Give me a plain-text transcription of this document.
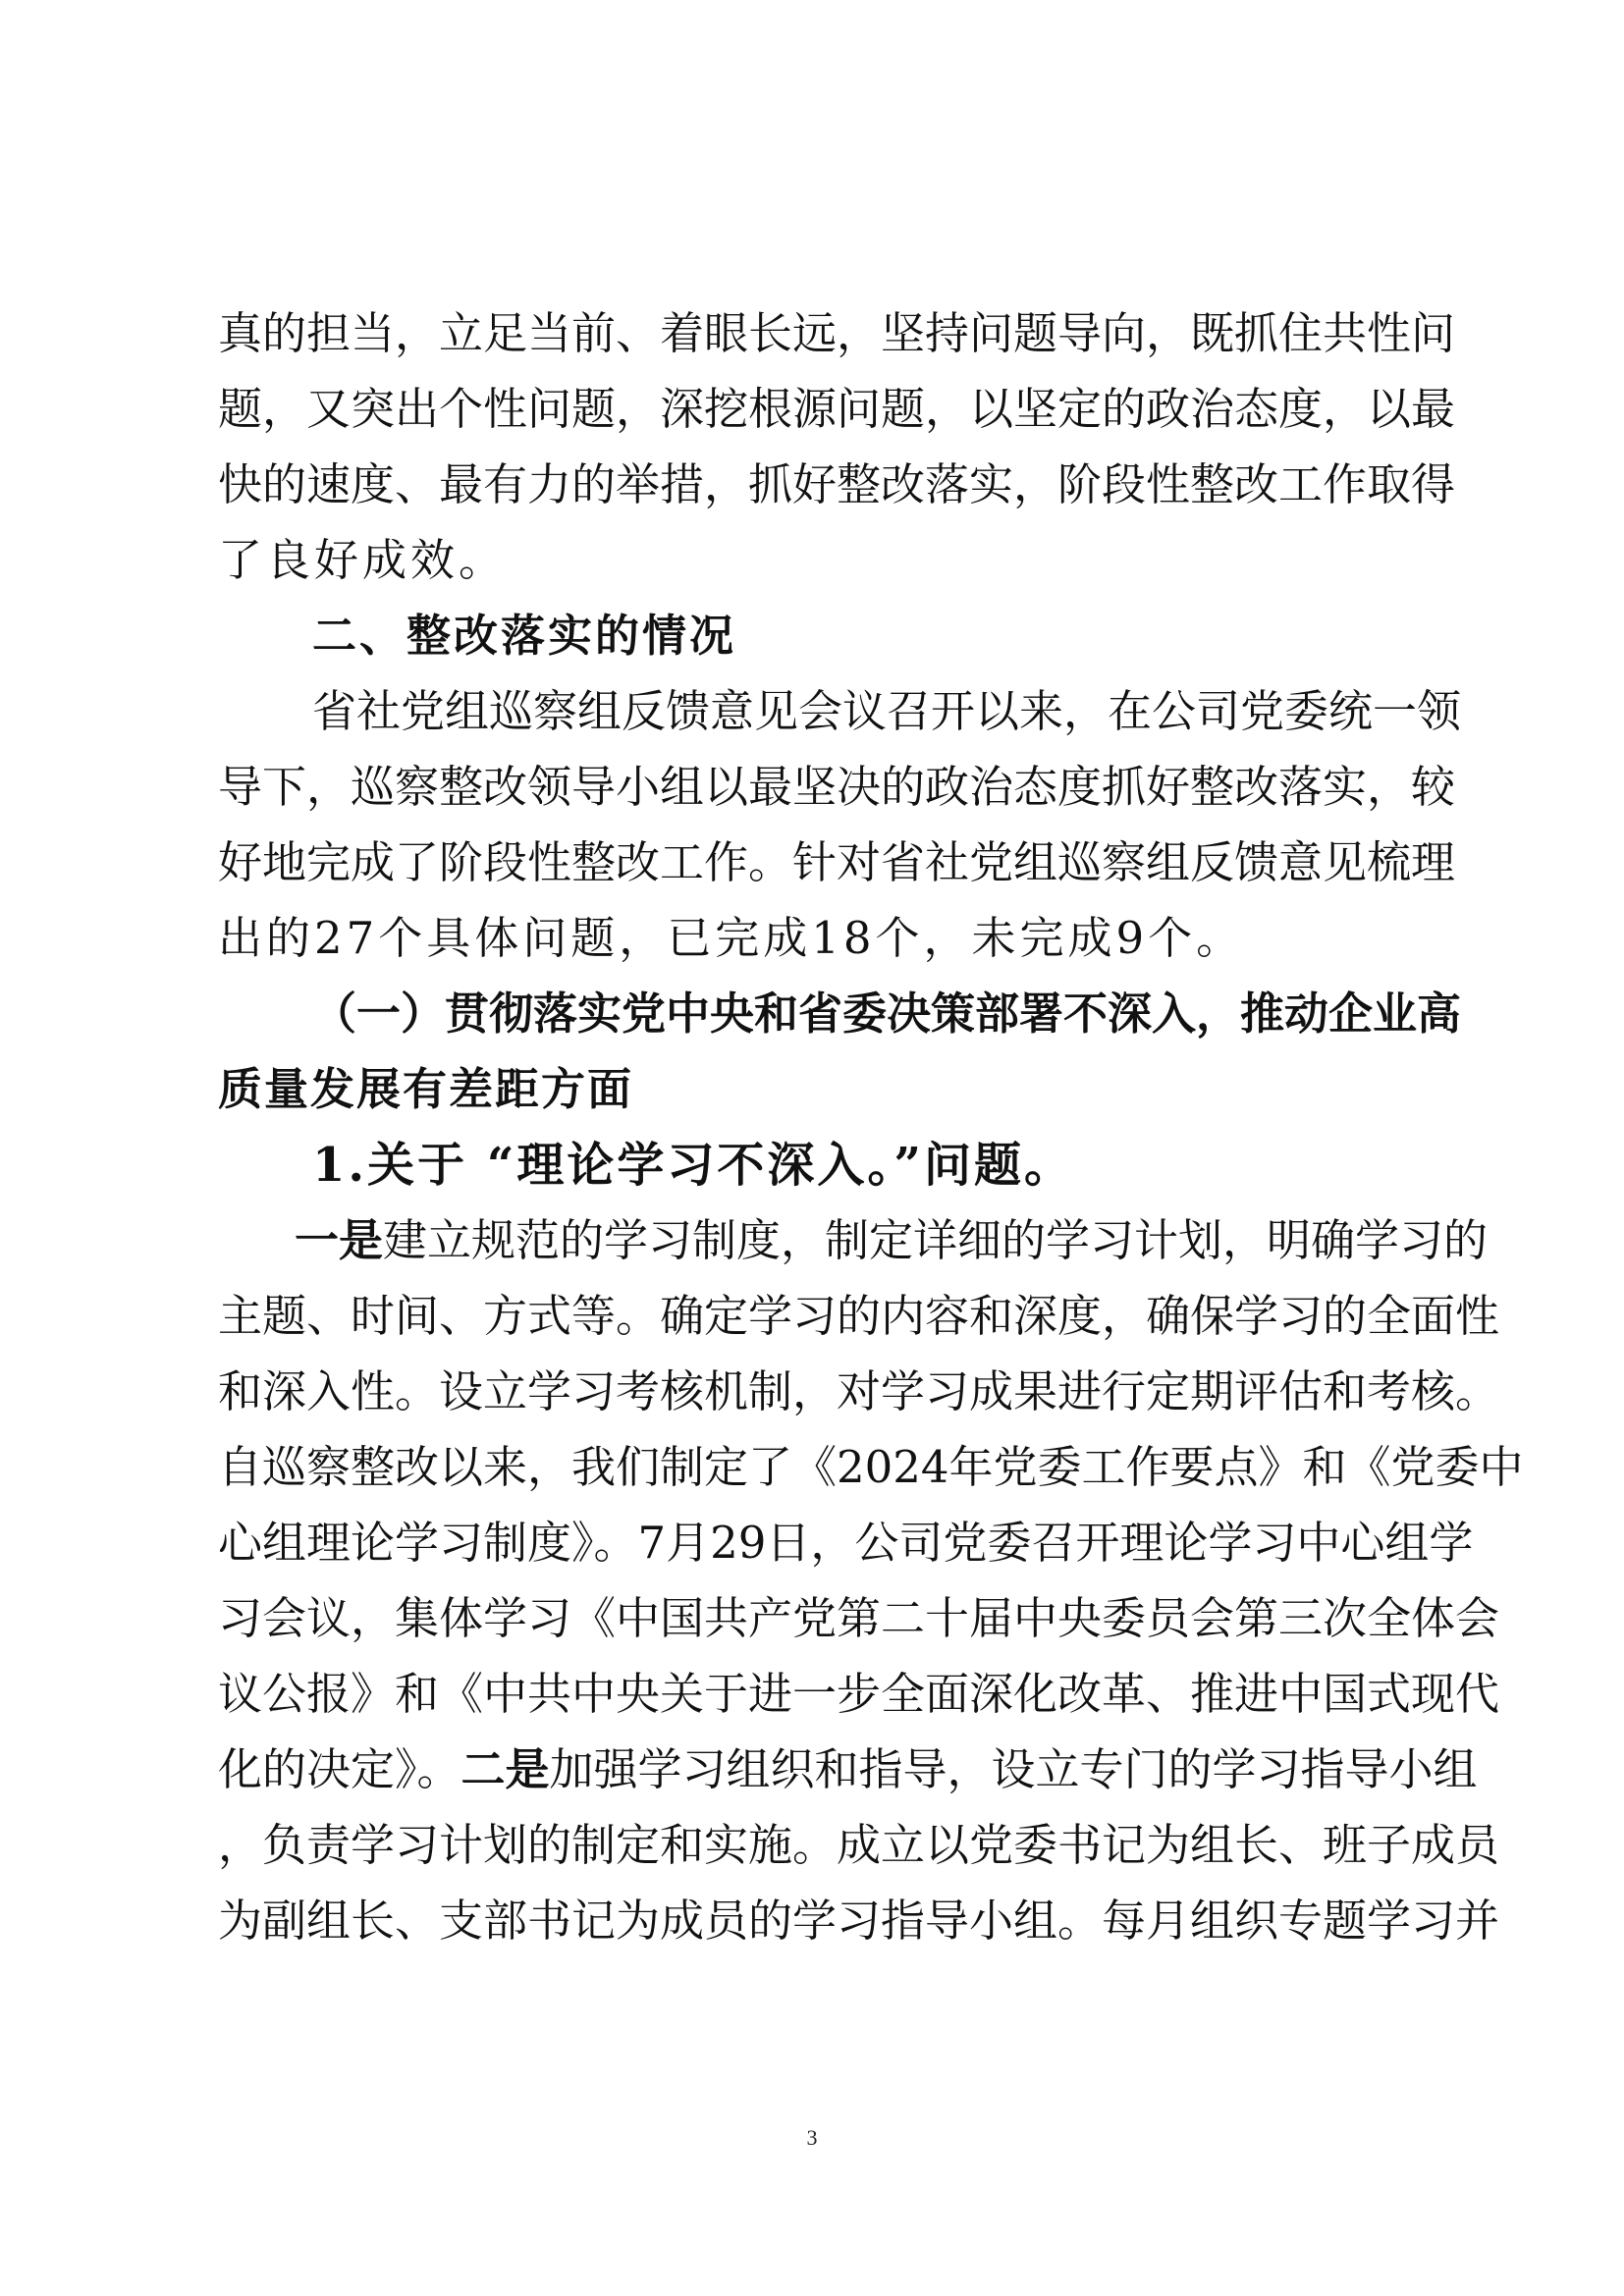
真的担当，立足当前、着眼长远，坚持问题导向，既抓住共性问
题，又突出个性问题，深挖根源问题，以坚定的政治态度，以最
快的速度、最有力的举措，抓好整改落实，阶段性整改工作取得
了良好成效。
二、整改落实的情况
省社党组巡察组反馈意见会议召开以来，在公司党委统一领
导下，巡察整改领导小组以最坚决的政治态度抓好整改落实，较
好地完成了阶段性整改工作。针对省社党组巡察组反馈意见梳理
出的27个具体问题，已完成18个，未完成9个。
（一）贯彻落实党中央和省委决策部署不深入，推动企业高
质量发展有差距方面
1.关于 “理论学习不深入。”问题。
一是建立规范的学习制度，制定详细的学习计划，明确学习的
主题、时间、方式等。确定学习的内容和深度，确保学习的全面性
和深入性。设立学习考核机制，对学习成果进行定期评估和考核。
自巡察整改以来，我们制定了《2024年党委工作要点》和《党委中
心组理论学习制度》。7月29日，公司党委召开理论学习中心组学
习会议，集体学习《中国共产党第二十届中央委员会第三次全体会
议公报》和《中共中央关于进一步全面深化改革、推进中国式现代
化的决定》。二是加强学习组织和指导，设立专门的学习指导小组
，负责学习计划的制定和实施。成立以党委书记为组长、班子成员
为副组长、支部书记为成员的学习指导小组。每月组织专题学习并
3
